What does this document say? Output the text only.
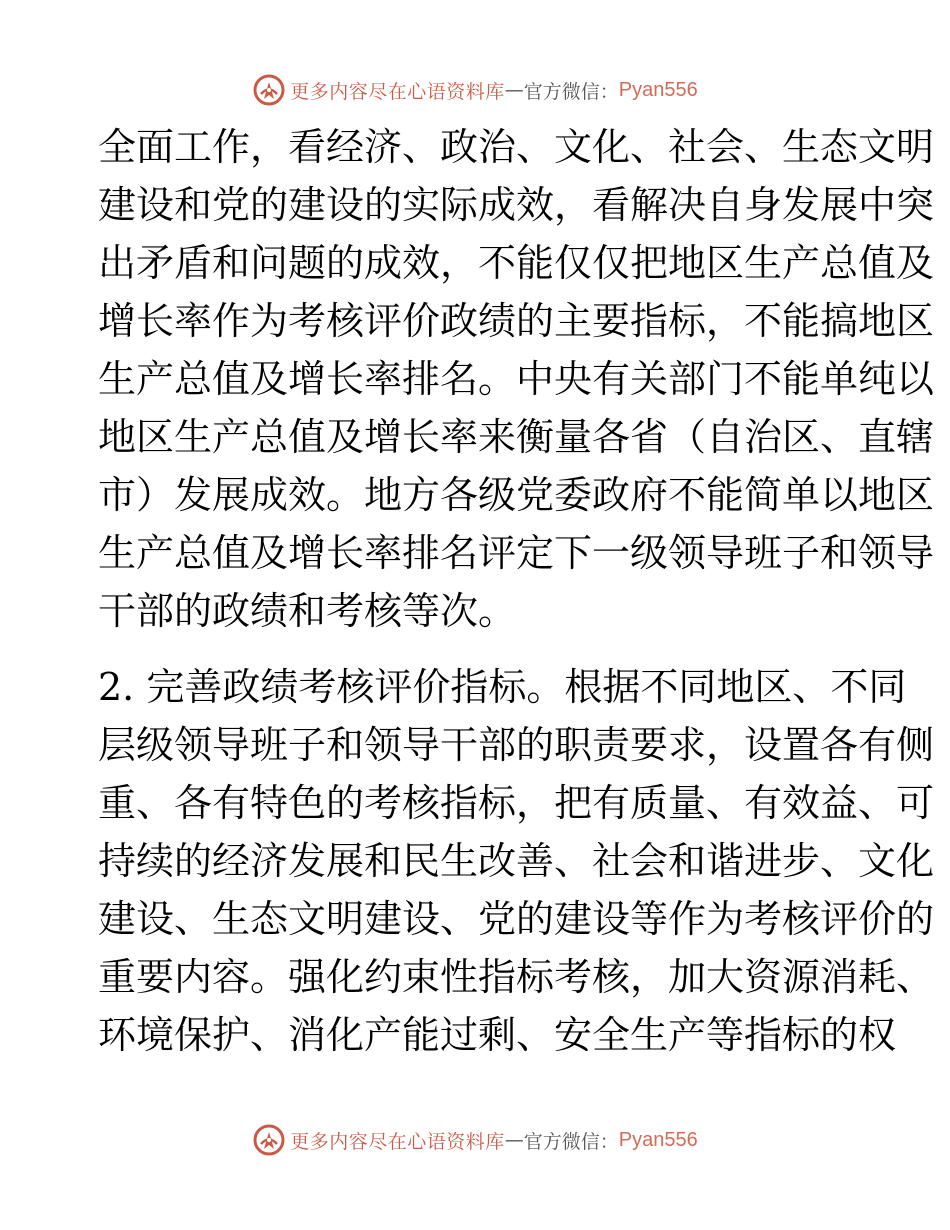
更多内容尽在心语资料库 — 官方微信： Pyan556
全面工作，看经济、政治、文化、社会、生态文明
建设和党的建设的实际成效，看解决自身发展中突
出矛盾和问题的成效，不能仅仅把地区生产总值及
增长率作为考核评价政绩的主要指标，不能搞地区
生产总值及增长率排名。中央有关部门不能单纯以
地区生产总值及增长率来衡量各省（自治区、直辖
市）发展成效。地方各级党委政府不能简单以地区
生产总值及增长率排名评定下一级领导班子和领导
干部的政绩和考核等次。
2. 完善政绩考核评价指标。根据不同地区、不同
层级领导班子和领导干部的职责要求，设置各有侧
重、各有特色的考核指标，把有质量、有效益、可
持续的经济发展和民生改善、社会和谐进步、文化
建设、生态文明建设、党的建设等作为考核评价的
重要内容。强化约束性指标考核，加大资源消耗、
环境保护、消化产能过剩、安全生产等指标的权
更多内容尽在心语资料库 — 官方微信： Pyan556
